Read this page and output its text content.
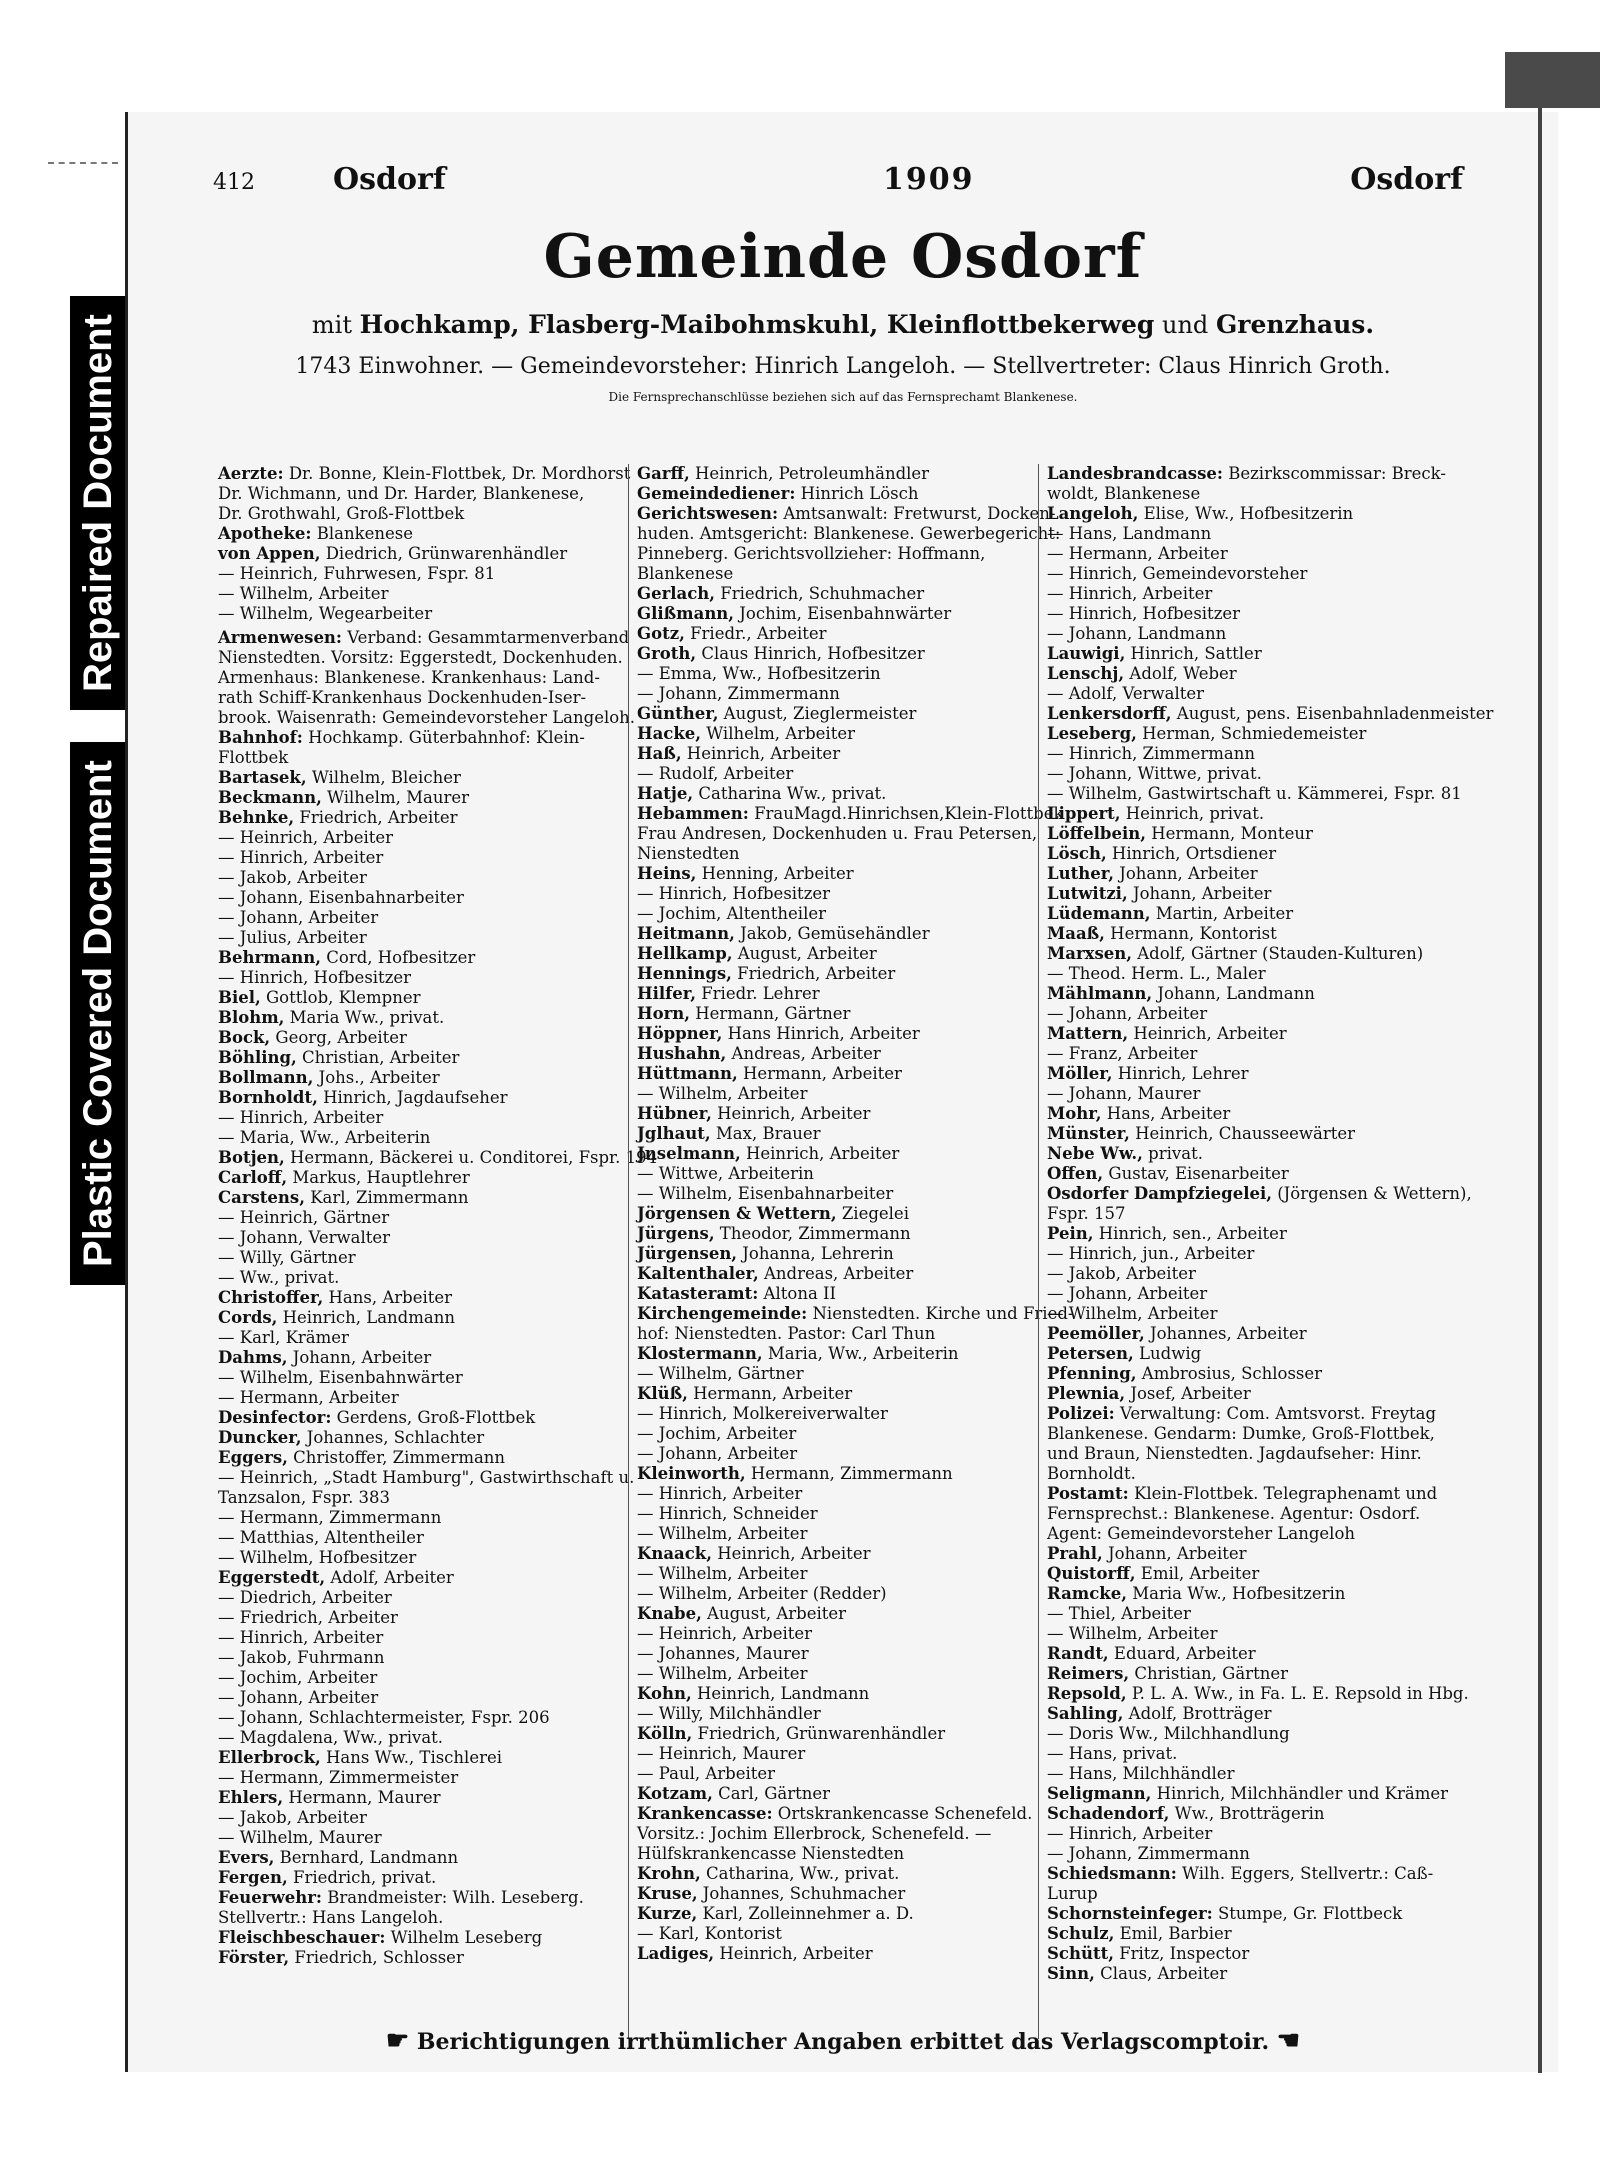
Repaired Document
Plastic Covered Document
412	Osdorf	1909	Osdorf
Gemeinde Osdorf
mit Hochkamp, Flasberg-Maibohmskuhl, Kleinflottbekerweg und Grenzhaus.
1743 Einwohner. — Gemeindevorsteher: Hinrich Langeloh. — Stellvertreter: Claus Hinrich Groth.
Die Fernsprechanschlüsse beziehen sich auf das Fernsprechamt Blankenese.
Aerzte: Dr. Bonne, Klein-Flottbek, Dr. Mordhorst
Dr. Wichmann, und Dr. Harder, Blankenese,
Dr. Grothwahl, Groß-Flottbek
Apotheke: Blankenese
von Appen, Diedrich, Grünwarenhändler
— Heinrich, Fuhrwesen, Fspr. 81
— Wilhelm, Arbeiter
— Wilhelm, Wegearbeiter
Armenwesen: Verband: Gesammtarmenverband
Nienstedten. Vorsitz: Eggerstedt, Dockenhuden.
Armenhaus: Blankenese. Krankenhaus: Land-
rath Schiff-Krankenhaus Dockenhuden-Iser-
brook. Waisenrath: Gemeindevorsteher Langeloh.
Bahnhof: Hochkamp. Güterbahnhof: Klein-
Flottbek
Bartasek, Wilhelm, Bleicher
Beckmann, Wilhelm, Maurer
Behnke, Friedrich, Arbeiter
— Heinrich, Arbeiter
— Hinrich, Arbeiter
— Jakob, Arbeiter
— Johann, Eisenbahnarbeiter
— Johann, Arbeiter
— Julius, Arbeiter
Behrmann, Cord, Hofbesitzer
— Hinrich, Hofbesitzer
Biel, Gottlob, Klempner
Blohm, Maria Ww., privat.
Bock, Georg, Arbeiter
Böhling, Christian, Arbeiter
Bollmann, Johs., Arbeiter
Bornholdt, Hinrich, Jagdaufseher
— Hinrich, Arbeiter
— Maria, Ww., Arbeiterin
Botjen, Hermann, Bäckerei u. Conditorei, Fspr. 194
Carloff, Markus, Hauptlehrer
Carstens, Karl, Zimmermann
— Heinrich, Gärtner
— Johann, Verwalter
— Willy, Gärtner
— Ww., privat.
Christoffer, Hans, Arbeiter
Cords, Heinrich, Landmann
— Karl, Krämer
Dahms, Johann, Arbeiter
— Wilhelm, Eisenbahnwärter
— Hermann, Arbeiter
Desinfector: Gerdens, Groß-Flottbek
Duncker, Johannes, Schlachter
Eggers, Christoffer, Zimmermann
— Heinrich, „Stadt Hamburg", Gastwirthschaft u.
Tanzsalon, Fspr. 383
— Hermann, Zimmermann
— Matthias, Altentheiler
— Wilhelm, Hofbesitzer
Eggerstedt, Adolf, Arbeiter
— Diedrich, Arbeiter
— Friedrich, Arbeiter
— Hinrich, Arbeiter
— Jakob, Fuhrmann
— Jochim, Arbeiter
— Johann, Arbeiter
— Johann, Schlachtermeister, Fspr. 206
— Magdalena, Ww., privat.
Ellerbrock, Hans Ww., Tischlerei
— Hermann, Zimmermeister
Ehlers, Hermann, Maurer
— Jakob, Arbeiter
— Wilhelm, Maurer
Evers, Bernhard, Landmann
Fergen, Friedrich, privat.
Feuerwehr: Brandmeister: Wilh. Leseberg.
Stellvertr.: Hans Langeloh.
Fleischbeschauer: Wilhelm Leseberg
Förster, Friedrich, Schlosser
Garff, Heinrich, Petroleumhändler
Gemeindediener: Hinrich Lösch
Gerichtswesen: Amtsanwalt: Fretwurst, Docken-
huden. Amtsgericht: Blankenese. Gewerbegericht:
Pinneberg. Gerichtsvollzieher: Hoffmann,
Blankenese
Gerlach, Friedrich, Schuhmacher
Glißmann, Jochim, Eisenbahnwärter
Gotz, Friedr., Arbeiter
Groth, Claus Hinrich, Hofbesitzer
— Emma, Ww., Hofbesitzerin
— Johann, Zimmermann
Günther, August, Zieglermeister
Hacke, Wilhelm, Arbeiter
Haß, Heinrich, Arbeiter
— Rudolf, Arbeiter
Hatje, Catharina Ww., privat.
Hebammen: FrauMagd.Hinrichsen,Klein-Flottbek
Frau Andresen, Dockenhuden u. Frau Petersen,
Nienstedten
Heins, Henning, Arbeiter
— Hinrich, Hofbesitzer
— Jochim, Altentheiler
Heitmann, Jakob, Gemüsehändler
Hellkamp, August, Arbeiter
Hennings, Friedrich, Arbeiter
Hilfer, Friedr. Lehrer
Horn, Hermann, Gärtner
Höppner, Hans Hinrich, Arbeiter
Hushahn, Andreas, Arbeiter
Hüttmann, Hermann, Arbeiter
— Wilhelm, Arbeiter
Hübner, Heinrich, Arbeiter
Jglhaut, Max, Brauer
Jnselmann, Heinrich, Arbeiter
— Wittwe, Arbeiterin
— Wilhelm, Eisenbahnarbeiter
Jörgensen & Wettern, Ziegelei
Jürgens, Theodor, Zimmermann
Jürgensen, Johanna, Lehrerin
Kaltenthaler, Andreas, Arbeiter
Katasteramt: Altona II
Kirchengemeinde: Nienstedten. Kirche und Fried-
hof: Nienstedten. Pastor: Carl Thun
Klostermann, Maria, Ww., Arbeiterin
— Wilhelm, Gärtner
Klüß, Hermann, Arbeiter
— Hinrich, Molkereiverwalter
— Jochim, Arbeiter
— Johann, Arbeiter
Kleinworth, Hermann, Zimmermann
— Hinrich, Arbeiter
— Hinrich, Schneider
— Wilhelm, Arbeiter
Knaack, Heinrich, Arbeiter
— Wilhelm, Arbeiter
— Wilhelm, Arbeiter (Redder)
Knabe, August, Arbeiter
— Heinrich, Arbeiter
— Johannes, Maurer
— Wilhelm, Arbeiter
Kohn, Heinrich, Landmann
— Willy, Milchhändler
Kölln, Friedrich, Grünwarenhändler
— Heinrich, Maurer
— Paul, Arbeiter
Kotzam, Carl, Gärtner
Krankencasse: Ortskrankencasse Schenefeld.
Vorsitz.: Jochim Ellerbrock, Schenefeld. —
Hülfskrankencasse Nienstedten
Krohn, Catharina, Ww., privat.
Kruse, Johannes, Schuhmacher
Kurze, Karl, Zolleinnehmer a. D.
— Karl, Kontorist
Ladiges, Heinrich, Arbeiter
Landesbrandcasse: Bezirkscommissar: Breck-
woldt, Blankenese
Langeloh, Elise, Ww., Hofbesitzerin
— Hans, Landmann
— Hermann, Arbeiter
— Hinrich, Gemeindevorsteher
— Hinrich, Arbeiter
— Hinrich, Hofbesitzer
— Johann, Landmann
Lauwigi, Hinrich, Sattler
Lenschj, Adolf, Weber
— Adolf, Verwalter
Lenkersdorff, August, pens. Eisenbahnladenmeister
Leseberg, Herman, Schmiedemeister
— Hinrich, Zimmermann
— Johann, Wittwe, privat.
— Wilhelm, Gastwirtschaft u. Kämmerei, Fspr. 81
Lippert, Heinrich, privat.
Löffelbein, Hermann, Monteur
Lösch, Hinrich, Ortsdiener
Luther, Johann, Arbeiter
Lutwitzi, Johann, Arbeiter
Lüdemann, Martin, Arbeiter
Maaß, Hermann, Kontorist
Marxsen, Adolf, Gärtner (Stauden-Kulturen)
— Theod. Herm. L., Maler
Mählmann, Johann, Landmann
— Johann, Arbeiter
Mattern, Heinrich, Arbeiter
— Franz, Arbeiter
Möller, Hinrich, Lehrer
— Johann, Maurer
Mohr, Hans, Arbeiter
Münster, Heinrich, Chausseewärter
Nebe Ww., privat.
Offen, Gustav, Eisenarbeiter
Osdorfer Dampfziegelei, (Jörgensen & Wettern),
Fspr. 157
Pein, Hinrich, sen., Arbeiter
— Hinrich, jun., Arbeiter
— Jakob, Arbeiter
— Johann, Arbeiter
— Wilhelm, Arbeiter
Peemöller, Johannes, Arbeiter
Petersen, Ludwig
Pfenning, Ambrosius, Schlosser
Plewnia, Josef, Arbeiter
Polizei: Verwaltung: Com. Amtsvorst. Freytag
Blankenese. Gendarm: Dumke, Groß-Flottbek,
und Braun, Nienstedten. Jagdaufseher: Hinr.
Bornholdt.
Postamt: Klein-Flottbek. Telegraphenamt und
Fernsprechst.: Blankenese. Agentur: Osdorf.
Agent: Gemeindevorsteher Langeloh
Prahl, Johann, Arbeiter
Quistorff, Emil, Arbeiter
Ramcke, Maria Ww., Hofbesitzerin
— Thiel, Arbeiter
— Wilhelm, Arbeiter
Randt, Eduard, Arbeiter
Reimers, Christian, Gärtner
Repsold, P. L. A. Ww., in Fa. L. E. Repsold in Hbg.
Sahling, Adolf, Brotträger
— Doris Ww., Milchhandlung
— Hans, privat.
— Hans, Milchhändler
Seligmann, Hinrich, Milchhändler und Krämer
Schadendorf, Ww., Brotträgerin
— Hinrich, Arbeiter
— Johann, Zimmermann
Schiedsmann: Wilh. Eggers, Stellvertr.: Caß-
Lurup
Schornsteinfeger: Stumpe, Gr. Flottbeck
Schulz, Emil, Barbier
Schütt, Fritz, Inspector
Sinn, Claus, Arbeiter
☛ Berichtigungen irrthümlicher Angaben erbittet das Verlagscomptoir. ☚
